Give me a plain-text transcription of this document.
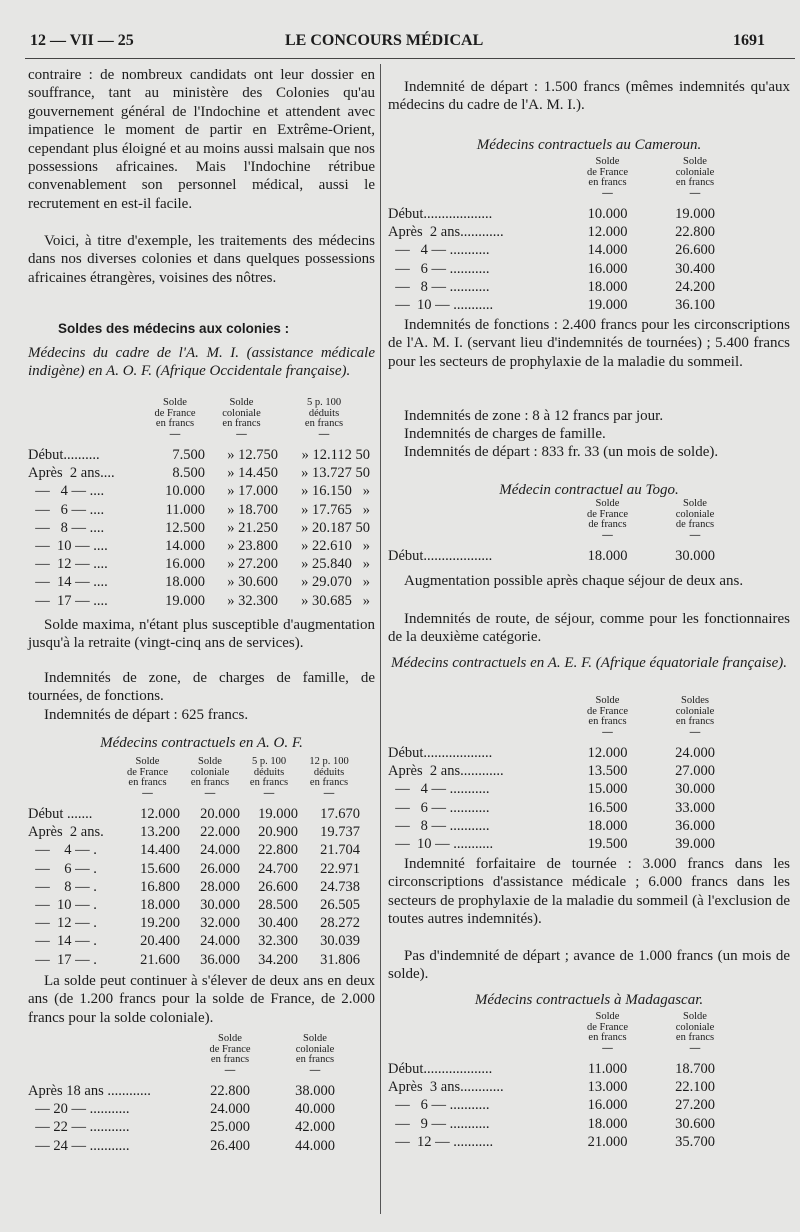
12 — VII — 25	LE CONCOURS MÉDICAL	1691
contraire : de nombreux candidats ont leur dossier en souffrance, tant au ministère des Colonies qu'au gouvernement général de l'Indochine et attendent avec impatience le moment de partir en Extrême-Orient, cependant plus éloigné et au moins aussi malsain que nos possessions africaines. Mais l'Indochine rétribue convenablement son personnel médical, aussi le recrutement en est-il facile.
Voici, à titre d'exemple, les traitements des médecins dans nos diverses colonies et dans quelques possessions africaines étrangères, voisines des nôtres.
Soldes des médecins aux colonies :
Médecins du cadre de l'A. M. I. (assistance médicale indigène) en A. O. F. (Afrique Occidentale française).
Solde
de France
en francs
—
Solde
coloniale
en francs
—
5 p. 100
déduits
en francs
—
Début..........	7.500	» 12.750	» 12.112 50
Après  2 ans....	8.500	» 14.450	» 13.727 50
—   4 — ....	10.000	» 17.000	» 16.150   »
—   6 — ....	11.000	» 18.700	» 17.765   »
—   8 — ....	12.500	» 21.250	» 20.187 50
—  10 — ....	14.000	» 23.800	» 22.610   »
—  12 — ....	16.000	» 27.200	» 25.840   »
—  14 — ....	18.000	» 30.600	» 29.070   »
—  17 — ....	19.000	» 32.300	» 30.685   »
Solde maxima, n'étant plus susceptible d'augmentation jusqu'à la retraite (vingt-cinq ans de services).
Indemnités de zone, de charges de famille, de tournées, de fonctions.
Indemnités de départ : 625 francs.
Médecins contractuels en A. O. F.
Solde
de France
en francs
—
Solde
coloniale
en francs
—
5 p. 100
déduits
en francs
—
12 p. 100
déduits
en francs
—
Début .......	12.000	20.000	19.000	17.670
Après  2 ans.	13.200	22.000	20.900	19.737
—    4 — .	14.400	24.000	22.800	21.704
—    6 — .	15.600	26.000	24.700	22.971
—    8 — .	16.800	28.000	26.600	24.738
—  10 — .	18.000	30.000	28.500	26.505
—  12 — .	19.200	32.000	30.400	28.272
—  14 — .	20.400	24.000	32.300	30.039
—  17 — .	21.600	36.000	34.200	31.806
La solde peut continuer à s'élever de deux ans en deux ans (de 1.200 francs pour la solde de France, de 2.000 francs pour la solde coloniale).
Solde
de France
en francs
—
Solde
coloniale
en francs
—
Après 18 ans ............	22.800	38.000
— 20 — ...........	24.000	40.000
— 22 — ...........	25.000	42.000
— 24 — ...........	26.400	44.000
Indemnité de départ : 1.500 francs (mêmes indemnités qu'aux médecins du cadre de l'A. M. I.).
Médecins contractuels au Cameroun.
Solde
de France
en francs
—
Solde
coloniale
en francs
—
Début...................	10.000	19.000
Après  2 ans............	12.000	22.800
—   4 — ...........	14.000	26.600
—   6 — ...........	16.000	30.400
—   8 — ...........	18.000	24.200
—  10 — ...........	19.000	36.100
Indemnités de fonctions : 2.400 francs pour les circonscriptions de l'A. M. I. (servant lieu d'indemnités de tournées) ; 5.400 francs pour les secteurs de prophylaxie de la maladie du sommeil.
Indemnités de zone : 8 à 12 francs par jour.
Indemnités de charges de famille.
Indemnités de départ : 833 fr. 33 (un mois de solde).
Médecin contractuel au Togo.
Solde
de France
de francs
—
Solde
coloniale
de francs
—
Début...................	18.000	30.000
Augmentation possible après chaque séjour de deux ans.
Indemnités de route, de séjour, comme pour les fonctionnaires de la deuxième catégorie.
Médecins contractuels en A. E. F. (Afrique équatoriale française).
Solde
de France
en francs
—
Soldes
coloniale
en francs
—
Début...................	12.000	24.000
Après  2 ans............	13.500	27.000
—   4 — ...........	15.000	30.000
—   6 — ...........	16.500	33.000
—   8 — ...........	18.000	36.000
—  10 — ...........	19.500	39.000
Indemnité forfaitaire de tournée : 3.000 francs dans les circonscriptions d'assistance médicale ; 6.000 francs dans les secteurs de prophylaxie de la maladie du sommeil (à l'exclusion de toutes autres indemnités).
Pas d'indemnité de départ ; avance de 1.000 francs (un mois de solde).
Médecins contractuels à Madagascar.
Solde
de France
en francs
—
Solde
coloniale
en francs
—
Début...................	11.000	18.700
Après  3 ans............	13.000	22.100
—   6 — ...........	16.000	27.200
—   9 — ...........	18.000	30.600
—  12 — ...........	21.000	35.700
